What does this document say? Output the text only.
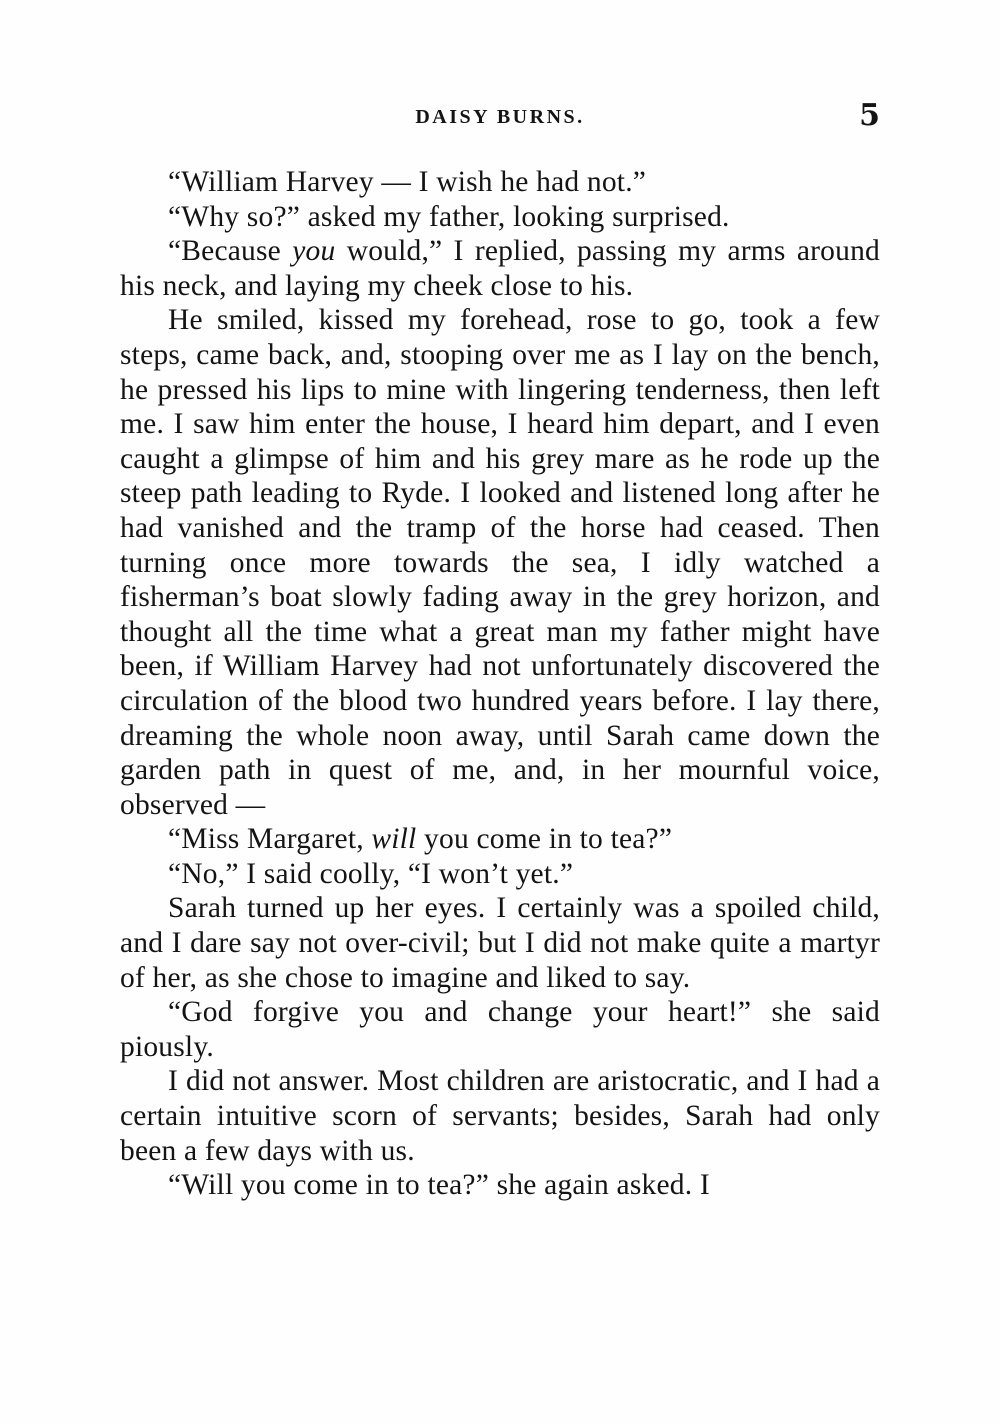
DAISY BURNS.	5

“William Harvey — I wish he had not.”

“Why so?” asked my father, looking surprised.

“Because you would,” I replied, passing my arms around his neck, and laying my cheek close to his.

He smiled, kissed my forehead, rose to go, took a few steps, came back, and, stooping over me as I lay on the bench, he pressed his lips to mine with lingering tenderness, then left me. I saw him enter the house, I heard him depart, and I even caught a glimpse of him and his grey mare as he rode up the steep path leading to Ryde. I looked and listened long after he had vanished and the tramp of the horse had ceased. Then turning once more towards the sea, I idly watched a fisherman’s boat slowly fading away in the grey horizon, and thought all the time what a great man my father might have been, if William Harvey had not unfortunately discovered the circulation of the blood two hundred years before. I lay there, dreaming the whole noon away, until Sarah came down the garden path in quest of me, and, in her mournful voice, observed —

“Miss Margaret, will you come in to tea?”

“No,” I said coolly, “I won’t yet.”

Sarah turned up her eyes. I certainly was a spoiled child, and I dare say not over-civil; but I did not make quite a martyr of her, as she chose to imagine and liked to say.

“God forgive you and change your heart!” she said piously.

I did not answer. Most children are aristocratic, and I had a certain intuitive scorn of servants; besides, Sarah had only been a few days with us.

“Will you come in to tea?” she again asked. I
